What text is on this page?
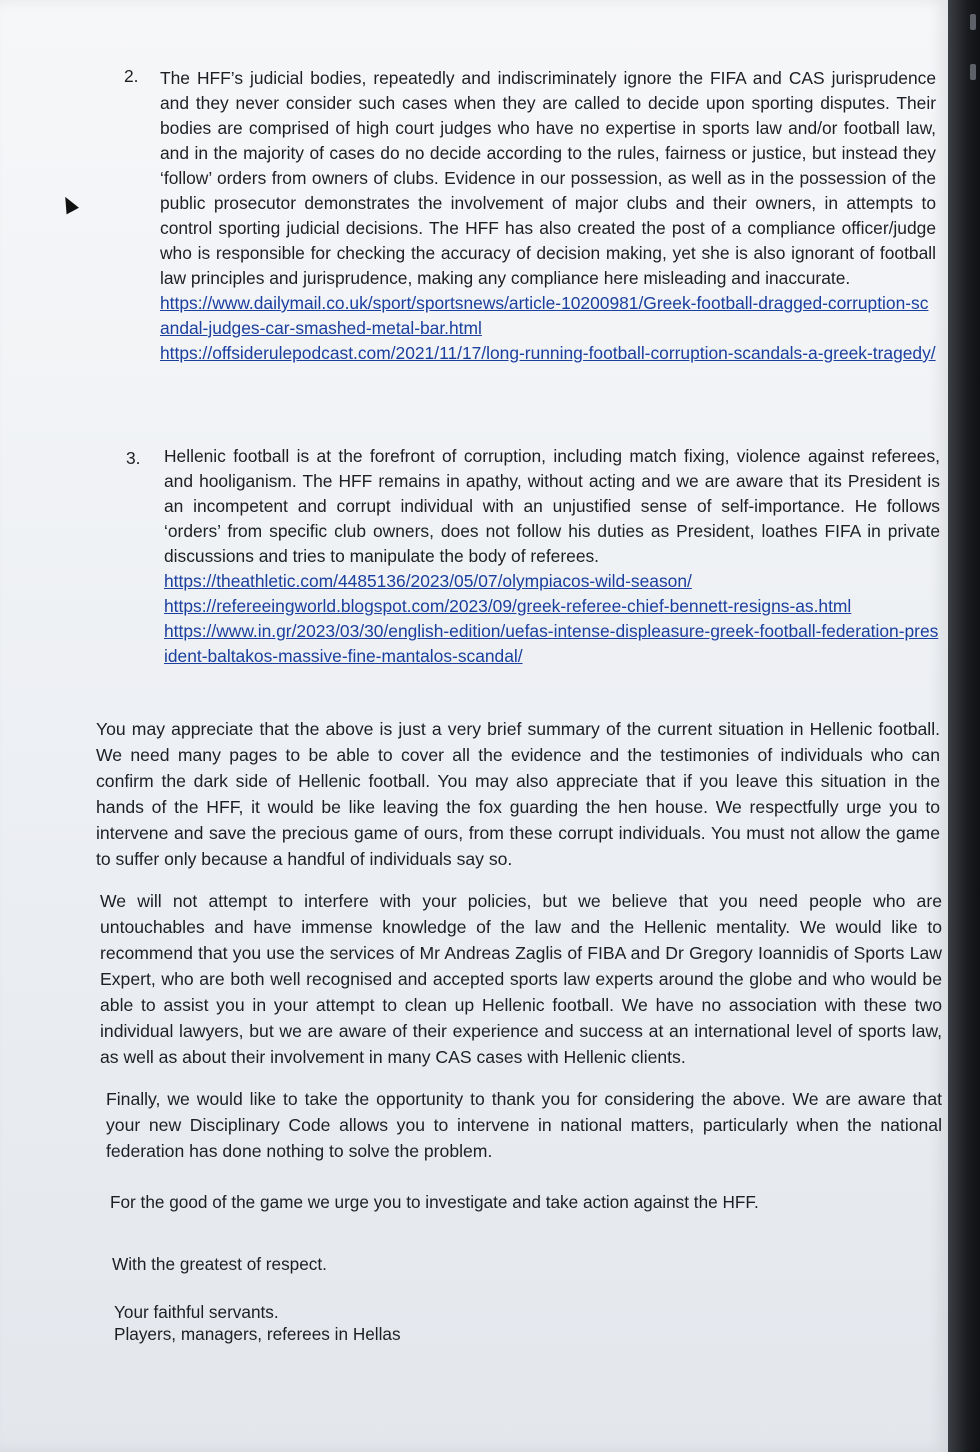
2. The HFF’s judicial bodies, repeatedly and indiscriminately ignore the FIFA and CAS jurisprudence and they never consider such cases when they are called to decide upon sporting disputes. Their bodies are comprised of high court judges who have no expertise in sports law and/or football law, and in the majority of cases do no decide according to the rules, fairness or justice, but instead they ‘follow’ orders from owners of clubs. Evidence in our possession, as well as in the possession of the public prosecutor demonstrates the involvement of major clubs and their owners, in attempts to control sporting judicial decisions. The HFF has also created the post of a compliance officer/judge who is responsible for checking the accuracy of decision making, yet she is also ignorant of football law principles and jurisprudence, making any compliance here misleading and inaccurate.

https://www.dailymail.co.uk/sport/sportsnews/article-10200981/Greek-football-dragged-corruption-scandal-judges-car-smashed-metal-bar.html
https://offsiderulepodcast.com/2021/11/17/long-running-football-corruption-scandals-a-greek-tragedy/
3. Hellenic football is at the forefront of corruption, including match fixing, violence against referees, and hooliganism. The HFF remains in apathy, without acting and we are aware that its President is an incompetent and corrupt individual with an unjustified sense of self-importance. He follows ‘orders’ from specific club owners, does not follow his duties as President, loathes FIFA in private discussions and tries to manipulate the body of referees.

https://theathletic.com/4485136/2023/05/07/olympiacos-wild-season/
https://refereeingworld.blogspot.com/2023/09/greek-referee-chief-bennett-resigns-as.html
https://www.in.gr/2023/03/30/english-edition/uefas-intense-displeasure-greek-football-federation-president-baltakos-massive-fine-mantalos-scandal/

You may appreciate that the above is just a very brief summary of the current situation in Hellenic football. We need many pages to be able to cover all the evidence and the testimonies of individuals who can confirm the dark side of Hellenic football. You may also appreciate that if you leave this situation in the hands of the HFF, it would be like leaving the fox guarding the hen house. We respectfully urge you to intervene and save the precious game of ours, from these corrupt individuals. You must not allow the game to suffer only because a handful of individuals say so.

We will not attempt to interfere with your policies, but we believe that you need people who are untouchables and have immense knowledge of the law and the Hellenic mentality. We would like to recommend that you use the services of Mr Andreas Zaglis of FIBA and Dr Gregory Ioannidis of Sports Law Expert, who are both well recognised and accepted sports law experts around the globe and who would be able to assist you in your attempt to clean up Hellenic football. We have no association with these two individual lawyers, but we are aware of their experience and success at an international level of sports law, as well as about their involvement in many CAS cases with Hellenic clients.

Finally, we would like to take the opportunity to thank you for considering the above. We are aware that your new Disciplinary Code allows you to intervene in national matters, particularly when the national federation has done nothing to solve the problem.

For the good of the game we urge you to investigate and take action against the HFF.

With the greatest of respect.

Your faithful servants.

Players, managers, referees in Hellas
